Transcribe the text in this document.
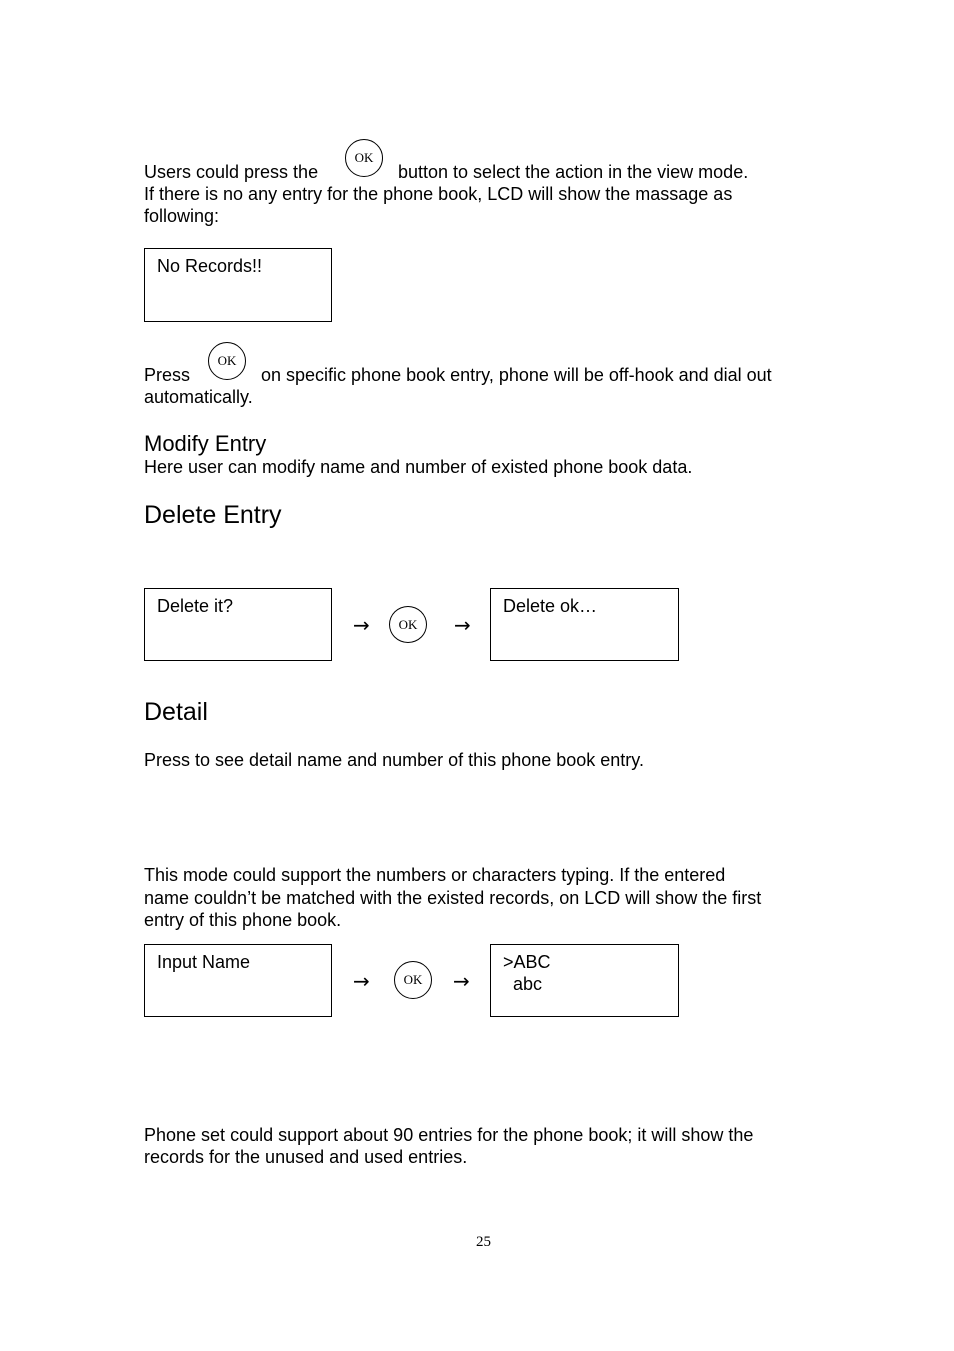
Users could press the
OK
button to select the action in the view mode.
If there is no any entry for the phone book, LCD will show the massage as
following:
No Records!!
Press
OK
on specific phone book entry, phone will be off-hook and dial out
automatically.
Modify Entry
Here user can modify name and number of existed phone book data.
Delete Entry
Delete it?
→ OK →
Delete ok…
Detail
Press to see detail name and number of this phone book entry.
This mode could support the numbers or characters typing. If the entered
name couldn’t be matched with the existed records, on LCD will show the first
entry of this phone book.
Input Name
→	OK →
>ABC
abc
Phone set could support about 90 entries for the phone book; it will show the
records for the unused and used entries.
25
